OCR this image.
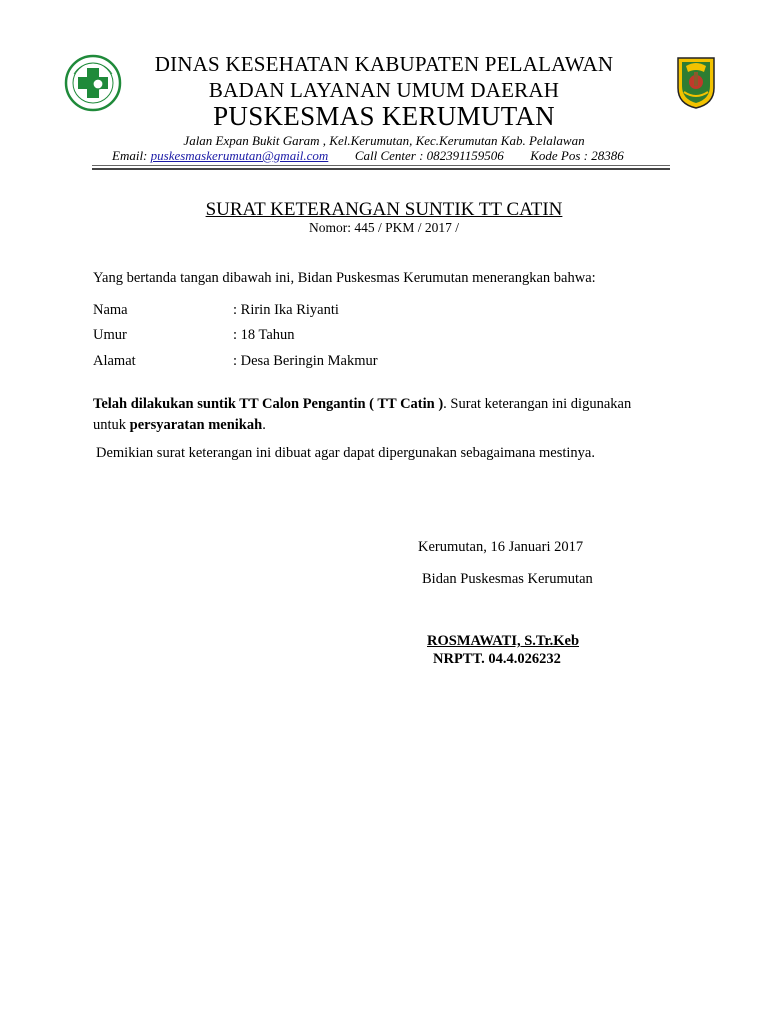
DINAS KESEHATAN KABUPATEN PELALAWAN
BADAN LAYANAN UMUM DAERAH
PUSKESMAS KERUMUTAN
Jalan Expan Bukit Garam , Kel.Kerumutan, Kec.Kerumutan Kab. Pelalawan
Email: puskesmaskerumutan@gmail.com Call Center : 082391159506 Kode Pos : 28386
SURAT KETERANGAN SUNTIK TT CATIN
Nomor: 445 / PKM / 2017 /
Yang bertanda tangan dibawah ini, Bidan Puskesmas Kerumutan menerangkan bahwa:
Nama	: Ririn Ika Riyanti
Umur	: 18 Tahun
Alamat	: Desa Beringin Makmur
Telah dilakukan suntik TT Calon Pengantin ( TT Catin ). Surat keterangan ini digunakan
untuk persyaratan menikah.
Demikian surat keterangan ini dibuat agar dapat dipergunakan sebagaimana mestinya.
Kerumutan, 16 Januari 2017
Bidan Puskesmas Kerumutan
ROSMAWATI, S.Tr.Keb
NRPTT. 04.4.026232
